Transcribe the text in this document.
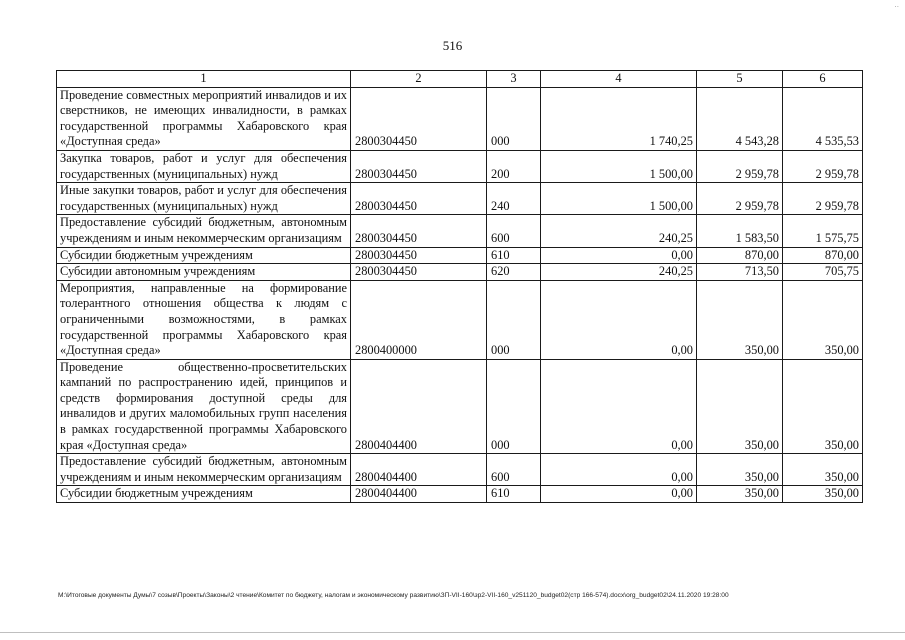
..
516
1	2	3	4	5	6
Проведение совместных мероприятий инвалидов и их сверстников, не имеющих инвалидности, в рамках государственной программы Хабаровского края «Доступная среда»	2800304450	000	1 740,25	4 543,28	4 535,53
Закупка товаров, работ и услуг для обеспечения государственных (муниципальных) нужд	2800304450	200	1 500,00	2 959,78	2 959,78
Иные закупки товаров, работ и услуг для обеспечения государственных (муниципальных) нужд	2800304450	240	1 500,00	2 959,78	2 959,78
Предоставление субсидий бюджетным, автономным учреждениям и иным некоммерческим организациям	2800304450	600	240,25	1 583,50	1 575,75
Субсидии бюджетным учреждениям	2800304450	610	0,00	870,00	870,00
Субсидии автономным учреждениям	2800304450	620	240,25	713,50	705,75
Мероприятия, направленные на формирование толерантного отношения общества к людям с ограниченными возможностями, в рамках государственной программы Хабаровского края «Доступная среда»	2800400000	000	0,00	350,00	350,00
Проведение общественно-просветительских кампаний по распространению идей, принципов и средств формирования доступной среды для инвалидов и других маломобильных групп населения в рамках государственной программы Хабаровского края «Доступная среда»	2800404400	000	0,00	350,00	350,00
Предоставление субсидий бюджетным, автономным учреждениям и иным некоммерческим организациям	2800404400	600	0,00	350,00	350,00
Субсидии бюджетным учреждениям	2800404400	610	0,00	350,00	350,00
M:\Итоговые документы Думы\7 созыв\Проекты\Законы\2 чтение\Комитет по бюджету, налогам и экономическому развитию\ЗП-VII-160\зр2-VII-160_v251120_budget02(стр 166-574).docx\org_budget02\24.11.2020 19:28:00
